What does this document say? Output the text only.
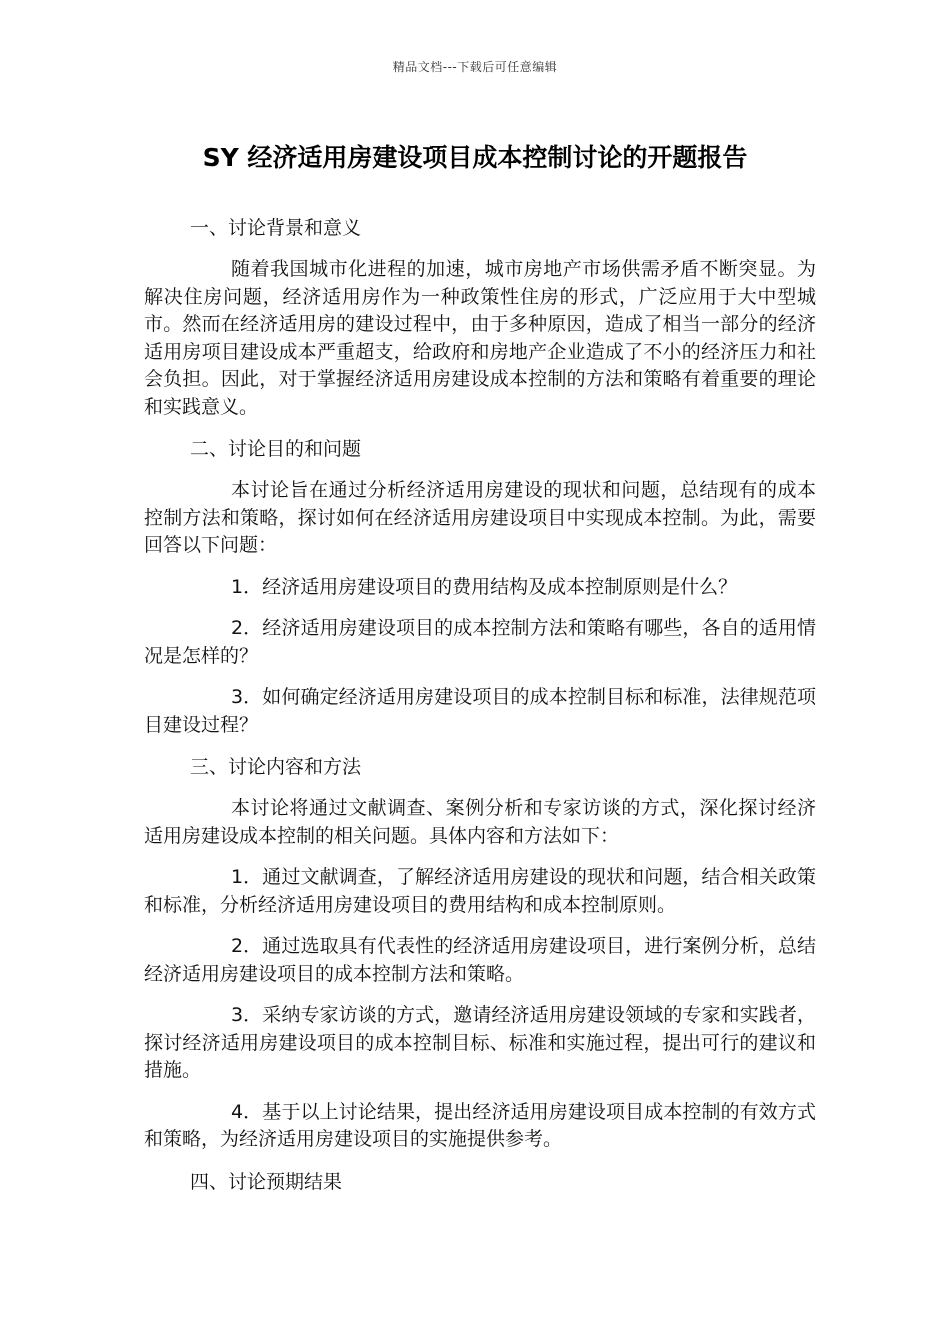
精品文档---下载后可任意编辑
SY 经济适用房建设项目成本控制讨论的开题报告
一、讨论背景和意义

随着我国城市化进程的加速，城市房地产市场供需矛盾不断突显。为解决住房问题，经济适用房作为一种政策性住房的形式，广泛应用于大中型城市。然而在经济适用房的建设过程中，由于多种原因，造成了相当一部分的经济适用房项目建设成本严重超支，给政府和房地产企业造成了不小的经济压力和社会负担。因此，对于掌握经济适用房建设成本控制的方法和策略有着重要的理论和实践意义。

二、讨论目的和问题

本讨论旨在通过分析经济适用房建设的现状和问题，总结现有的成本控制方法和策略，探讨如何在经济适用房建设项目中实现成本控制。为此，需要回答以下问题：

1．经济适用房建设项目的费用结构及成本控制原则是什么？

2．经济适用房建设项目的成本控制方法和策略有哪些，各自的适用情况是怎样的？

3．如何确定经济适用房建设项目的成本控制目标和标准，法律规范项目建设过程？

三、讨论内容和方法

本讨论将通过文献调查、案例分析和专家访谈的方式，深化探讨经济适用房建设成本控制的相关问题。具体内容和方法如下：

1．通过文献调查，了解经济适用房建设的现状和问题，结合相关政策和标准，分析经济适用房建设项目的费用结构和成本控制原则。

2．通过选取具有代表性的经济适用房建设项目，进行案例分析，总结经济适用房建设项目的成本控制方法和策略。

3．采纳专家访谈的方式，邀请经济适用房建设领域的专家和实践者，探讨经济适用房建设项目的成本控制目标、标准和实施过程，提出可行的建议和措施。

4．基于以上讨论结果，提出经济适用房建设项目成本控制的有效方式和策略，为经济适用房建设项目的实施提供参考。

四、讨论预期结果
